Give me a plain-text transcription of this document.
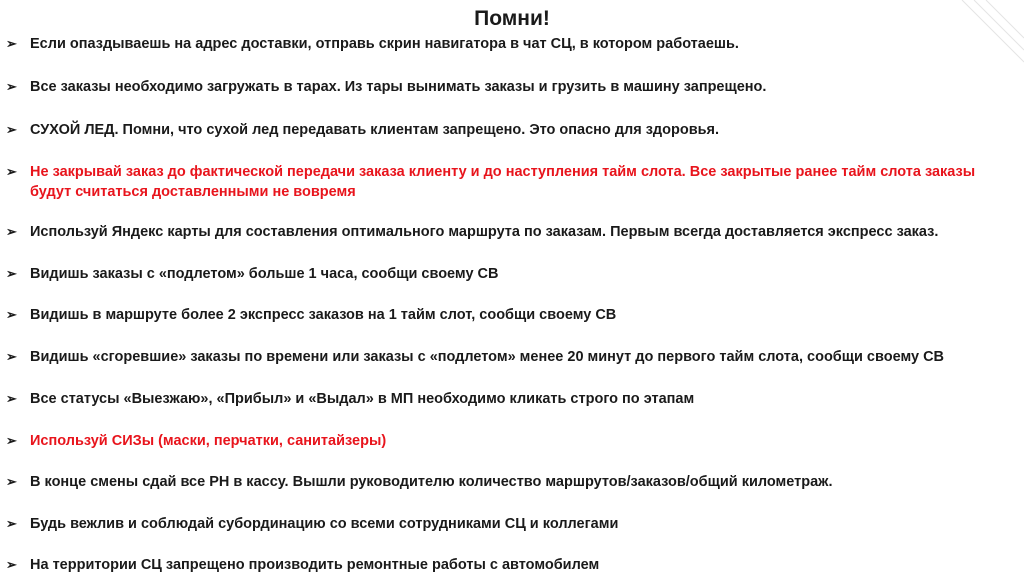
Помни!
➢ Если опаздываешь на адрес доставки, отправь скрин навигатора в чат СЦ, в котором работаешь.
➢ Все заказы необходимо загружать в тарах. Из тары вынимать заказы и грузить в машину запрещено.
➢ СУХОЙ ЛЕД. Помни, что сухой лед передавать клиентам запрещено. Это опасно для здоровья.
➢ Не закрывай заказ до фактической передачи заказа клиенту и до наступления тайм слота. Все закрытые ранее тайм слота заказы будут считаться доставленными не вовремя
➢ Используй Яндекс карты для составления оптимального маршрута по заказам. Первым всегда доставляется экспресс заказ.
➢ Видишь заказы с «подлетом» больше 1 часа, сообщи своему СВ
➢ Видишь в маршруте более 2 экспресс заказов на 1 тайм слот, сообщи своему СВ
➢ Видишь «сгоревшие» заказы по времени или заказы с «подлетом» менее 20 минут до первого тайм слота, сообщи своему СВ
➢ Все статусы «Выезжаю», «Прибыл» и «Выдал» в МП необходимо кликать строго по этапам
➢ Используй СИЗы (маски, перчатки, санитайзеры)
➢ В конце смены сдай все РН в кассу. Вышли руководителю количество маршрутов/заказов/общий километраж.
➢ Будь вежлив и соблюдай субординацию со всеми сотрудниками СЦ и коллегами
➢ На территории СЦ запрещено производить ремонтные работы с автомобилем
